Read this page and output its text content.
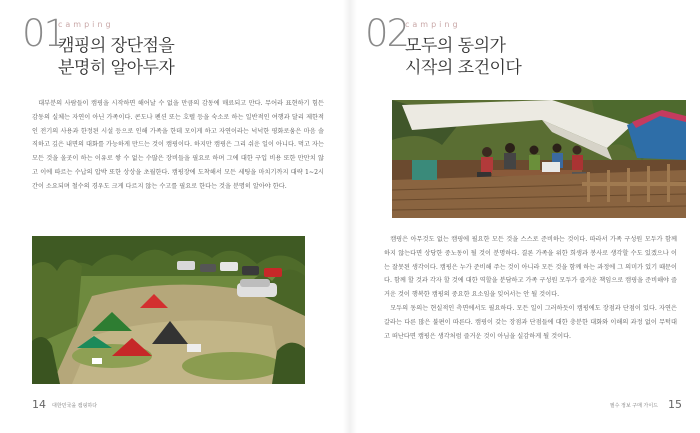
01
camping
캠핑의 장단점을
분명히 알아두자

대부분의 사람들이 캠핑을 시작하면 해어날 수 없을 만큼의 감동에 매료되고 만다. 무어라 표현하기 힘든 감동의 실체는 자연이 아닌 가족이다. 콘도나 펜션 또는 호텔 등을 숙소로 하는 일반적인 여행과 달리 제한적인 전기의 사용과 한정된 시설 등으로 인해 가족을 한데 모이게 하고 자연이라는 넉넉한 평화로움은 마음 솔직하고 깊은 내면의 대화를 가능하게 만드는 것이 캠핑이다. 하지만 캠핑은 그리 쉬운 일이 아니다. 먹고 자는 모든 것을 올곳이 하는 이유로 쌓 수 없는 수많은 장비들을 필요로 하며 그에 대한 구입 비용 또한 만만치 않고 이에 따르는 수납의 압박 또한 상상을 초월한다. 캠핑장에 도착해서 모든 세팅을 마치기까지 대략 1~2시간이 소요되며 철수의 경우도 크게 다르지 않는 수고를 필요로 한다는 것을 분명히 알아야 한다.

14 대한민국을 캠핑하다
02
camping
모두의 동의가
시작의 조건이다

캠핑은 아무것도 없는 캠핑에 필요한 모든 것을 스스로 준비하는 것이다. 따라서 가족 구성원 모두가 함께 하지 않는다면 상당한 중노동이 될 것이 분명하다. 결론 가족을 위한 희생과 봉사로 생각할 수도 있겠으나 이는 잘못된 생각이다. 캠핑은 누가 준비해 주는 것이 아니라 모든 것을 함께 하는 과정에 그 의미가 있기 때문이다. 함께 할 것과 각자 할 것에 대한 역할을 분담하고 가족 구성원 모두가 즐거운 책임으로 캠핑을 준비해야 즐거운 것이 행복한 캠핑의 중요한 요소임을 잊어서는 안 될 것이다.

모두의 동의는 현실적인 측면에서도 필요하다. 모든 일이 그러하듯이 캠핑에도 장점과 단점이 있다. 자연은 갈라는 다른 많은 불편이 따른다. 캠핑이 갖는 장점과 단점들에 대한 충분한 대화와 이해의 과정 없이 무턱대고 떠난다면 캠핑은 생각처럼 즐거운 것이 아님을 실감하게 될 것이다.

필수 정보 구매 가이드 15
